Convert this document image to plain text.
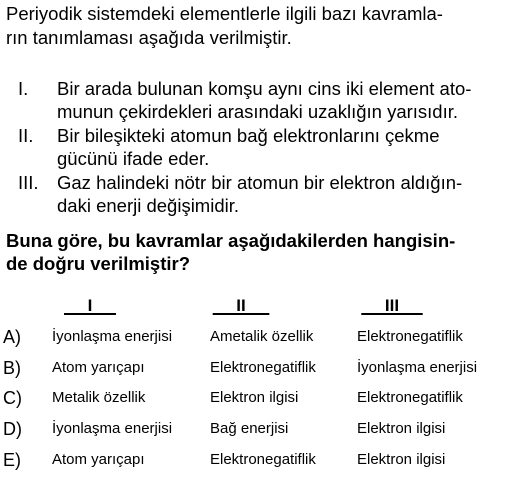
Periyodik sistemdeki elementlerle ilgili bazı kavramla-
rın tanımlaması aşağıda verilmiştir.
I. Bir arada bulunan komşu aynı cins iki element ato-
munun çekirdekleri arasındaki uzaklığın yarısıdır.
II. Bir bileşikteki atomun bağ elektronlarını çekme
gücünü ifade eder.
III. Gaz halindeki nötr bir atomun bir elektron aldığın-
daki enerji değişimidir.
Buna göre, bu kavramlar aşağıdakilerden hangisin-
de doğru verilmiştir?
I	II	III
A) İyonlaşma enerjisi	Ametalik özellik	Elektronegatiflik
B) Atom yarıçapı	Elektronegatiflik	İyonlaşma enerjisi
C) Metalik özellik	Elektron ilgisi	Elektronegatiflik
D) İyonlaşma enerjisi	Bağ enerjisi	Elektron ilgisi
E) Atom yarıçapı	Elektronegatiflik	Elektron ilgisi
